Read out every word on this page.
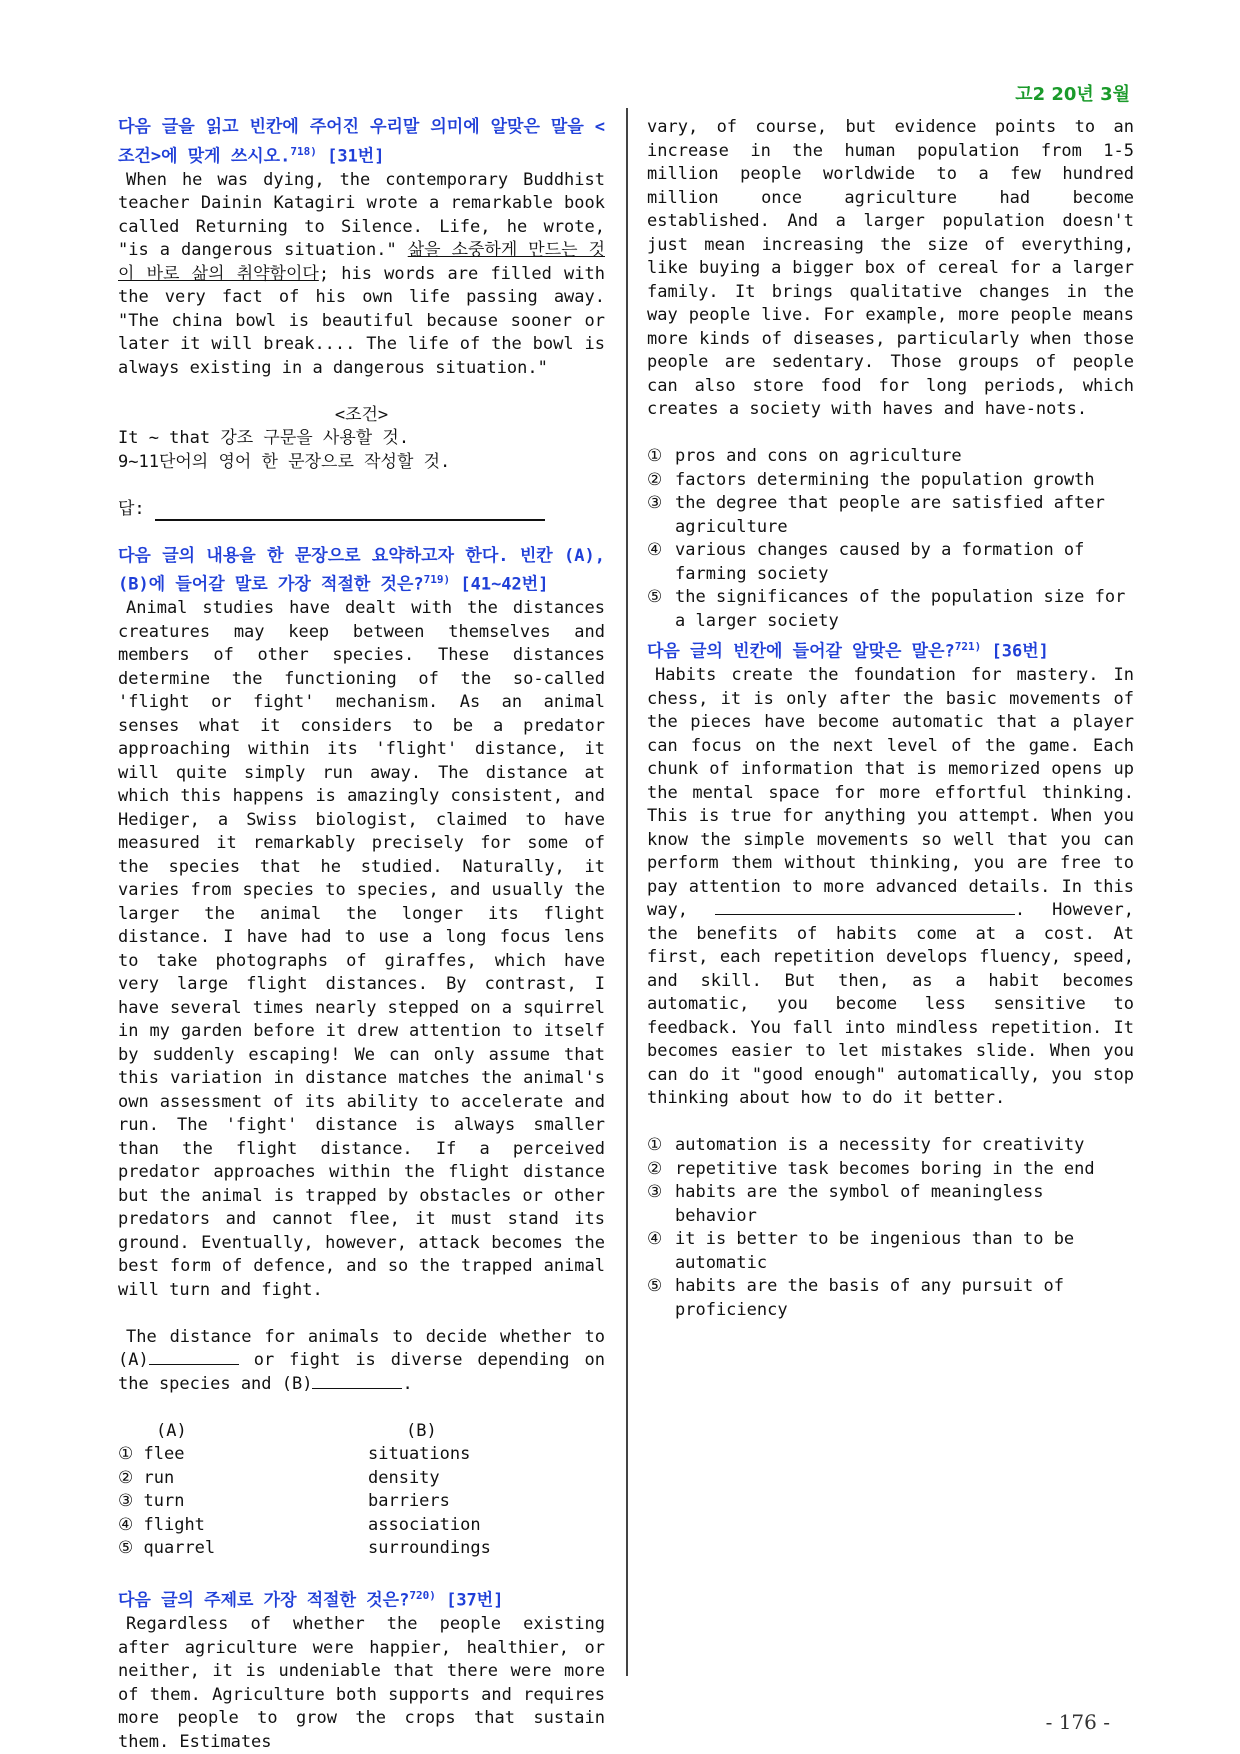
고2 20년 3월
다음 글을 읽고 빈칸에 주어진 우리말 의미에 알맞은 말을 <조건>에 맞게 쓰시오.$^{718)}$ [31번]
When he was dying, the contemporary Buddhist teacher Dainin Katagiri wrote a remarkable book called Returning to Silence. Life, he wrote, "is a dangerous situation." 삶을 소중하게 만드는 것이 바로 삶의 취약함이다; his words are filled with the very fact of his own life passing away. "The china bowl is beautiful because sooner or later it will break.... The life of the bowl is always existing in a dangerous situation."
<조건>
It ~ that 강조 구문을 사용할 것.
9~11단어의 영어 한 문장으로 작성할 것.
답:
다음 글의 내용을 한 문장으로 요약하고자 한다. 빈칸 (A), (B)에 들어갈 말로 가장 적절한 것은?$^{719)}$ [41~42번]
Animal studies have dealt with the distances creatures may keep between themselves and members of other species. These distances determine the functioning of the so-called 'flight or fight' mechanism. As an animal senses what it considers to be a predator approaching within its 'flight' distance, it will quite simply run away. The distance at which this happens is amazingly consistent, and Hediger, a Swiss biologist, claimed to have measured it remarkably precisely for some of the species that he studied. Naturally, it varies from species to species, and usually the larger the animal the longer its flight distance. I have had to use a long focus lens to take photographs of giraffes, which have very large flight distances. By contrast, I have several times nearly stepped on a squirrel in my garden before it drew attention to itself by suddenly escaping! We can only assume that this variation in distance matches the animal's own assessment of its ability to accelerate and run. The 'fight' distance is always smaller than the flight distance. If a perceived predator approaches within the flight distance but the animal is trapped by obstacles or other predators and cannot flee, it must stand its ground. Eventually, however, attack becomes the best form of defence, and so the trapped animal will turn and fight.
The distance for animals to decide whether to (A)	or fight is diverse depending on the species and (B)	.
(A)	(B)
① flee	situations
② run	density
③ turn	barriers
④ flight	association
⑤ quarrel	surroundings
다음 글의 주제로 가장 적절한 것은?$^{720)}$ [37번]
Regardless of whether the people existing after agriculture were happier, healthier, or neither, it is undeniable that there were more of them. Agriculture both supports and requires more people to grow the crops that sustain them. Estimates
vary, of course, but evidence points to an increase in the human population from 1-5 million people worldwide to a few hundred million once agriculture had become established. And a larger population doesn't just mean increasing the size of everything, like buying a bigger box of cereal for a larger family. It brings qualitative changes in the way people live. For example, more people means more kinds of diseases, particularly when those people are sedentary. Those groups of people can also store food for long periods, which creates a society with haves and have-nots.
① pros and cons on agriculture
② factors determining the population growth
③ the degree that people are satisfied after agriculture
④ various changes caused by a formation of farming society
⑤ the significances of the population size for a larger society
다음 글의 빈칸에 들어갈 알맞은 말은?$^{721)}$ [36번]
Habits create the foundation for mastery. In chess, it is only after the basic movements of the pieces have become automatic that a player can focus on the next level of the game. Each chunk of information that is memorized opens up the mental space for more effortful thinking. This is true for anything you attempt. When you know the simple movements so well that you can perform them without thinking, you are free to pay attention to more advanced details. In this way,	. However, the benefits of habits come at a cost. At first, each repetition develops fluency, speed, and skill. But then, as a habit becomes automatic, you become less sensitive to feedback. You fall into mindless repetition. It becomes easier to let mistakes slide. When you can do it "good enough" automatically, you stop thinking about how to do it better.
① automation is a necessity for creativity
② repetitive task becomes boring in the end
③ habits are the symbol of meaningless behavior
④ it is better to be ingenious than to be automatic
⑤ habits are the basis of any pursuit of proficiency
- 176 -
